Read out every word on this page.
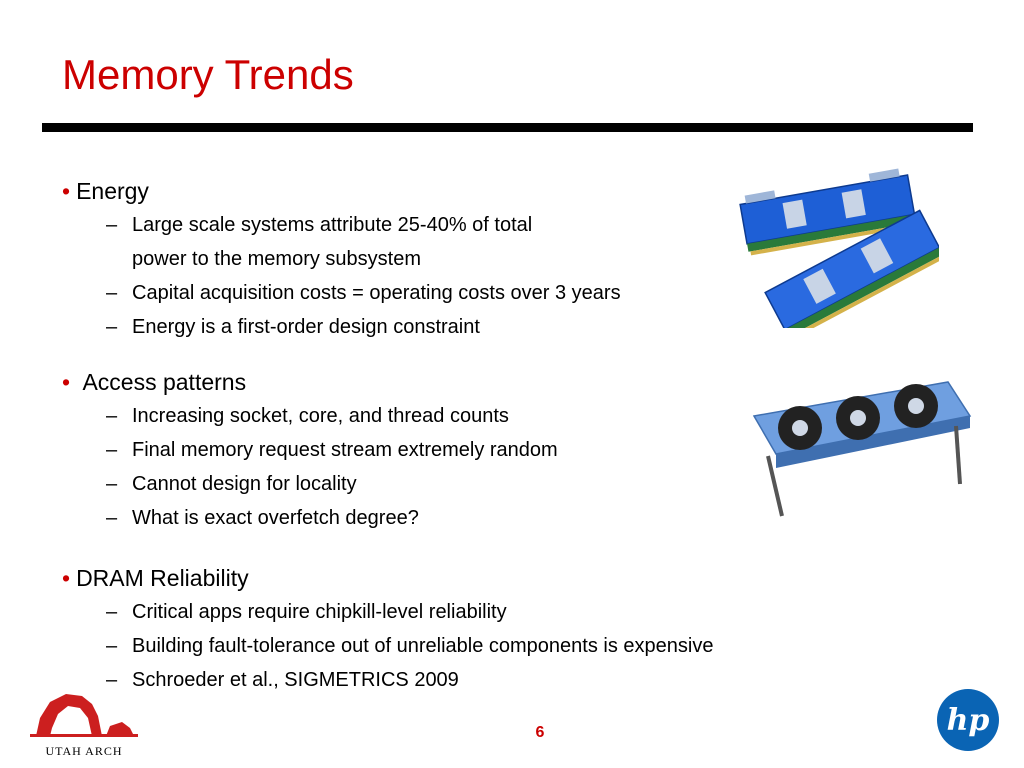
Memory Trends
• Energy
– Large scale systems attribute 25-40% of total
power to the memory subsystem
– Capital acquisition costs = operating costs over 3 years
– Energy is a first-order design constraint
• Access patterns
– Increasing socket, core, and thread counts
– Final memory request stream extremely random
– Cannot design for locality
– What is exact overfetch degree?
• DRAM Reliability
– Critical apps require chipkill-level reliability
– Building fault-tolerance out of unreliable components is expensive
– Schroeder et al., SIGMETRICS 2009
UTAH ARCH
6	hp
